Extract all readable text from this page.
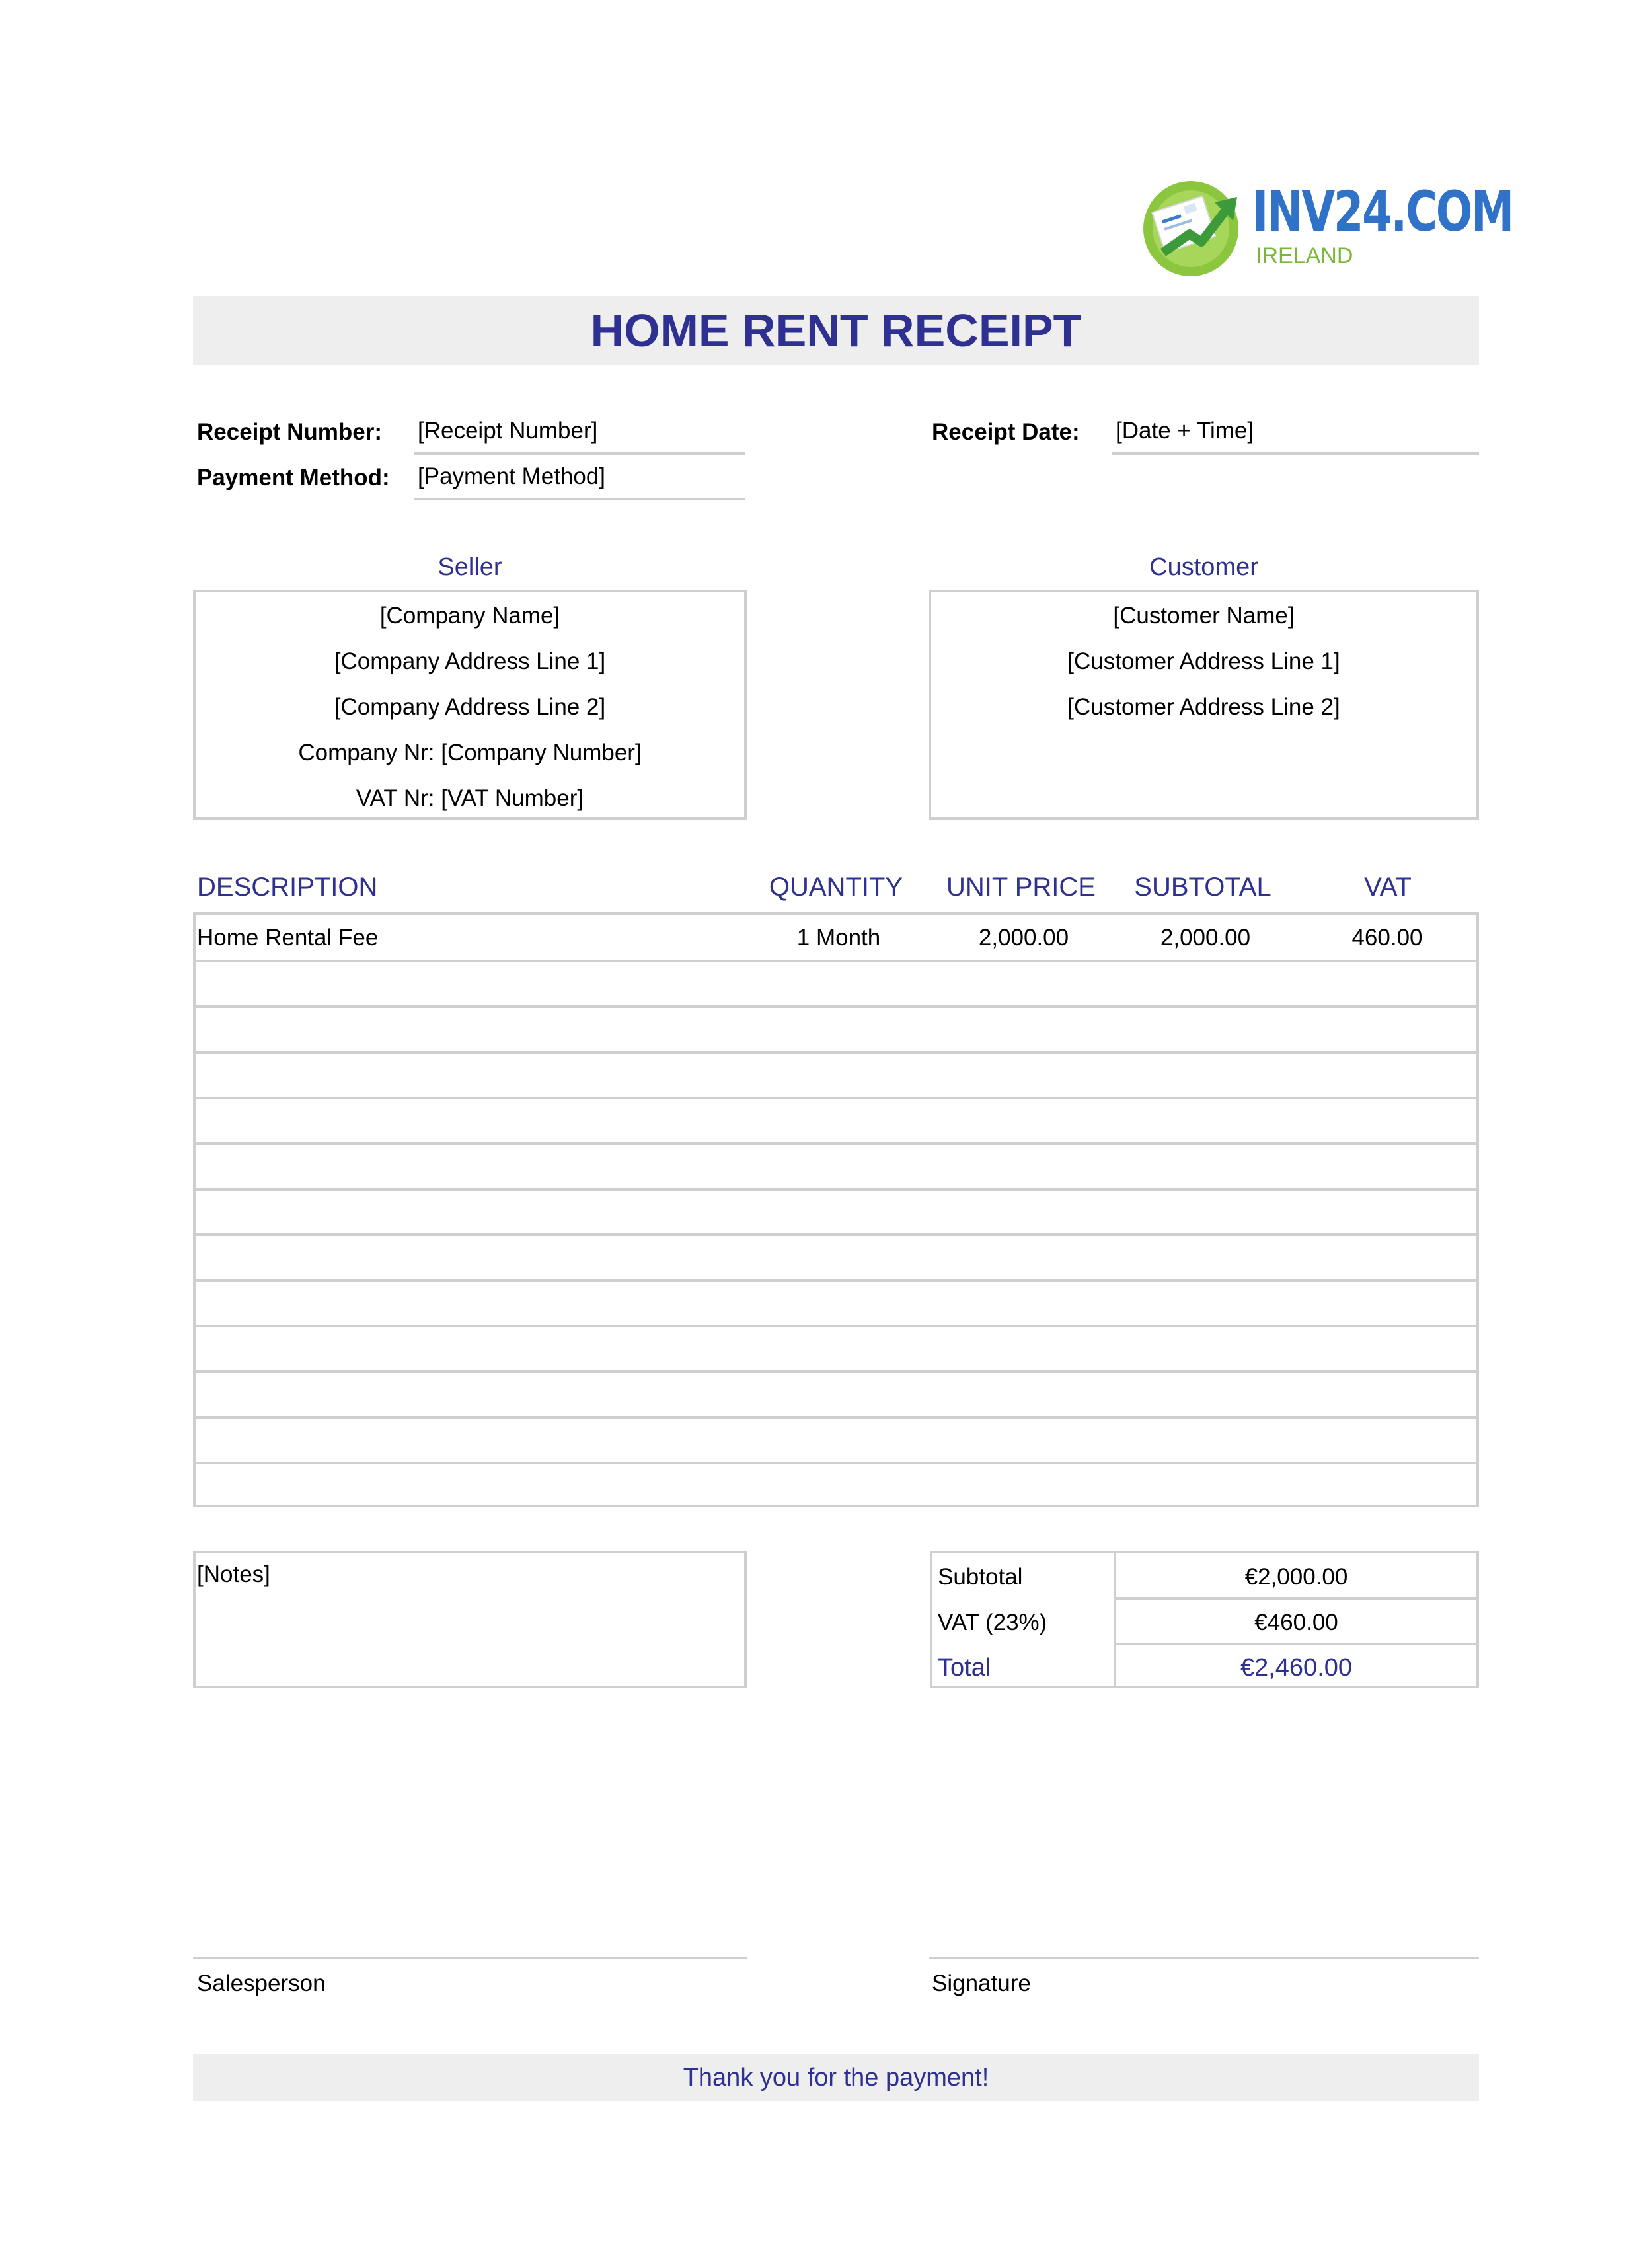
INV24.COM
IRELAND
HOME RENT RECEIPT
Receipt Number: [Receipt Number]
Payment Method: [Payment Method]
Receipt Date: [Date + Time]
Seller
[Company Name]
[Company Address Line 1]
[Company Address Line 2]
Company Nr: [Company Number]
VAT Nr: [VAT Number]
Customer
[Customer Name]
[Customer Address Line 1]
[Customer Address Line 2]
DESCRIPTION	QUANTITY	UNIT PRICE	SUBTOTAL	VAT
Home Rental Fee	1 Month	2,000.00	2,000.00	460.00
[Notes]	Subtotal	€2,000.00
VAT (23%)	€460.00
Total	€2,460.00
Salesperson	Signature
Thank you for the payment!
